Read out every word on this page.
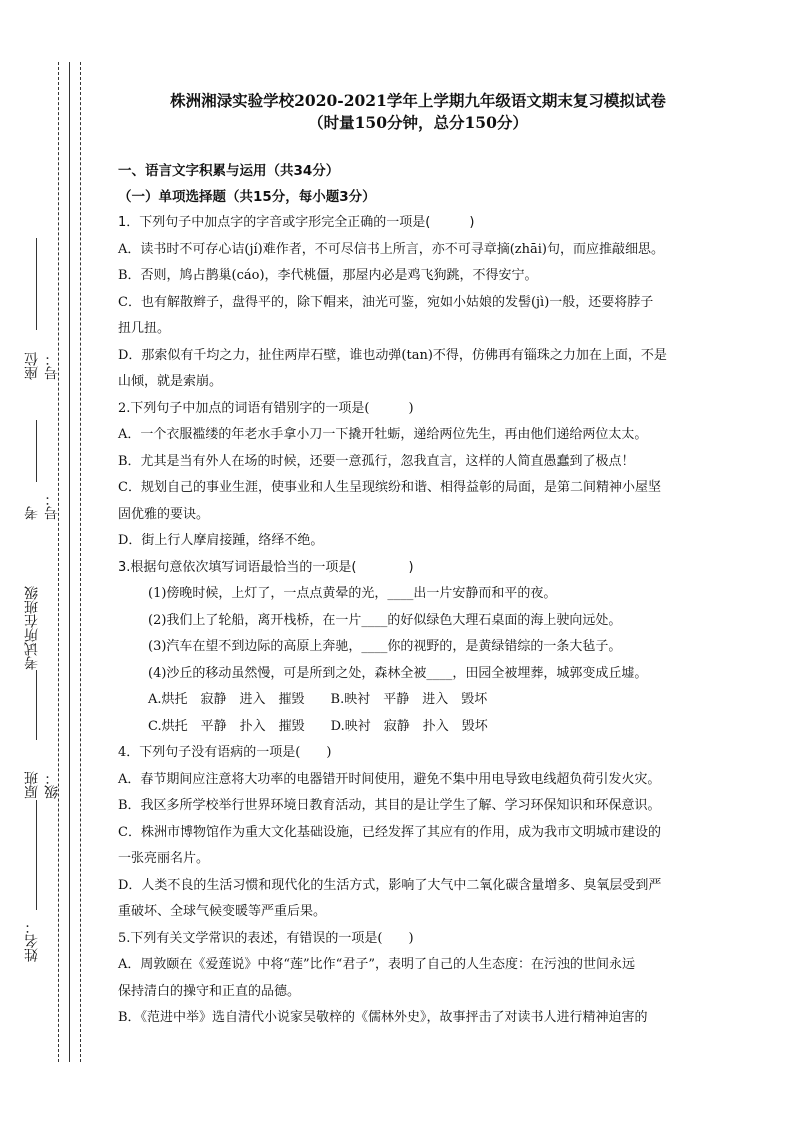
座位号：
考号：
考试所在班级
原班级：
姓名：
株洲湘渌实验学校2020-2021学年上学期九年级语文期末复习模拟试卷
（时量150分钟，总分150分）
一、语言文字积累与运用（共34分）
（一）单项选择题（共15分，每小题3分）

1．下列句子中加点字的字音或字形完全正确的一项是(　　　)

A．读书时不可存心诘(jí)难作者，不可尽信书上所言，亦不可寻章摘(zhāi)句，而应推敲细思。

B．否则，鸠占鹊巢(cáo)，李代桃僵，那屋内必是鸡飞狗跳，不得安宁。

C．也有解散辫子，盘得平的，除下帽来，油光可鉴，宛如小姑娘的发髻(jì)一般，还要将脖子

扭几扭。

D．那索似有千均之力，扯住两岸石壁，谁也动弹(tan)不得，仿佛再有锱珠之力加在上面，不是

山倾，就是索崩。

2.下列句子中加点的词语有错别字的一项是(　　　)

A．一个衣服褴缕的年老水手拿小刀一下撬开牡蛎，递给两位先生，再由他们递给两位太太。

B．尤其是当有外人在场的时候，还要一意孤行，忽我直言，这样的人简直愚蠢到了极点！

C．规划自己的事业生涯，使事业和人生呈现缤纷和谐、相得益彰的局面，是第二间精神小屋坚

固优雅的要诀。

D．街上行人摩肩接踵，络绎不绝。

3.根据句意依次填写词语最恰当的一项是(　　　　)

(1)傍晚时候，上灯了，一点点黄晕的光，____出一片安静而和平的夜。

(2)我们上了轮船，离开栈桥，在一片____的好似绿色大理石桌面的海上驶向远处。

(3)汽车在望不到边际的高原上奔驰，____你的视野的，是黄绿错综的一条大毡子。

(4)沙丘的移动虽然慢，可是所到之处，森林全被____，田园全被埋葬，城郭变成丘墟。

A.烘托　寂静　进入　摧毁　　B.映衬　平静　进入　毁坏

C.烘托　平静　扑入　摧毁　　D.映衬　寂静　扑入　毁坏

4．下列句子没有语病的一项是(　　)

A．春节期间应注意将大功率的电器错开时间使用，避免不集中用电导致电线超负荷引发火灾。

B．我区多所学校举行世界环境日教育活动，其目的是让学生了解、学习环保知识和环保意识。

C．株洲市博物馆作为重大文化基础设施，已经发挥了其应有的作用，成为我市文明城市建设的

一张亮丽名片。

D．人类不良的生活习惯和现代化的生活方式，影响了大气中二氧化碳含量增多、臭氧层受到严

重破坏、全球气候变暖等严重后果。

5.下列有关文学常识的表述，有错误的一项是(　　)

A．周敦颐在《爱莲说》中将“莲”比作“君子”，表明了自己的人生态度：在污浊的世间永远

保持清白的操守和正直的品德。

B．《范进中举》选自清代小说家吴敬梓的《儒林外史》，故事抨击了对读书人进行精神迫害的
